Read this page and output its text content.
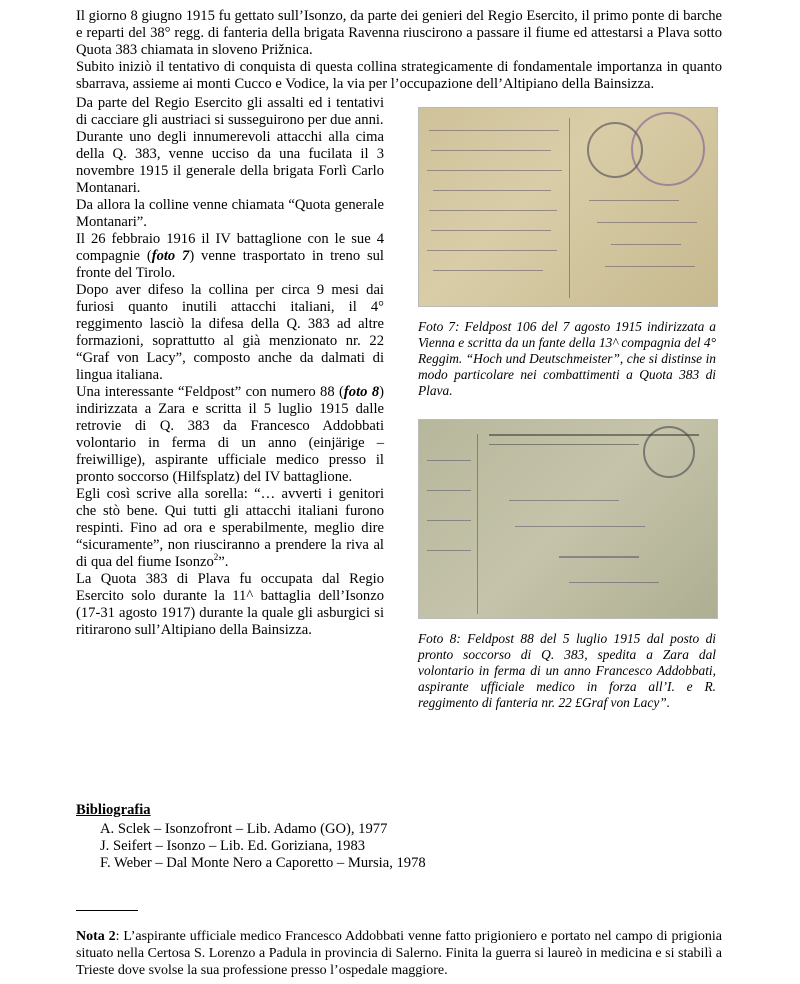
Il giorno 8 giugno 1915 fu gettato sull’Isonzo, da parte dei genieri del Regio Esercito, il primo ponte di barche e reparti del 38° regg. di fanteria della brigata Ravenna riuscirono a passare il fiume ed attestarsi a Plava sotto Quota 383 chiamata in sloveno Prižnica.

Subito iniziò il tentativo di conquista di questa collina strategicamente di fondamentale importanza in quanto sbarrava, assieme ai monti Cucco e Vodice, la via per l’occupazione dell’Altipiano della Bainsizza.

Da parte del Regio Esercito gli assalti ed i tentativi di cacciare gli austriaci si susseguirono per due anni.

Durante uno degli innumerevoli attacchi alla cima della Q. 383, venne ucciso da una fucilata il 3 novembre 1915 il generale della brigata Forlì Carlo Montanari.

Da allora la colline venne chiamata “Quota generale Montanari”.

Il 26 febbraio 1916 il IV battaglione con le sue 4 compagnie (foto 7) venne trasportato in treno sul fronte del Tirolo.

Dopo aver difeso la collina per circa 9 mesi dai furiosi quanto inutili attacchi italiani, il 4° reggimento lasciò la difesa della Q. 383 ad altre formazioni, soprattutto al già menzionato nr. 22 “Graf von Lacy”, composto anche da dalmati di lingua italiana.

Una interessante “Feldpost” con numero 88 (foto 8) indirizzata a Zara e scritta il 5 luglio 1915 dalle retrovie di Q. 383 da Francesco Addobbati volontario in ferma di un anno (einjärige – freiwillige), aspirante ufficiale medico presso il pronto soccorso (Hilfsplatz) del IV battaglione.

Egli così scrive alla sorella: “… avverti i genitori che stò bene. Qui tutti gli attacchi italiani furono respinti. Fino ad ora e sperabilmente, meglio dire “sicuramente”, non riusciranno a prendere la riva al di qua del fiume Isonzo$^2$”.

La Quota 383 di Plava fu occupata dal Regio Esercito solo durante la 11^ battaglia dell’Isonzo (17-31 agosto 1917) durante la quale gli asburgici si ritirarono sull’Altipiano della Bainsizza.

Foto 7: Feldpost 106 del 7 agosto 1915 indirizzata a Vienna e scritta da un fante della 13^ compagnia del 4° Reggim. “Hoch und Deutschmeister”, che si distinse in modo particolare nei combattimenti a Quota 383 di Plava.

Foto 8: Feldpost 88 del 5 luglio 1915 dal posto di pronto soccorso di Q. 383, spedita a Zara dal volontario in ferma di un anno Francesco Addobbati, aspirante ufficiale medico in forza all’I. e R. reggimento di fanteria nr. 22 £Graf von Lacy”.

Bibliografia
A. Sclek – Isonzofront – Lib. Adamo (GO), 1977
J. Seifert – Isonzo – Lib. Ed. Goriziana, 1983
F. Weber – Dal Monte Nero a Caporetto – Mursia, 1978

Nota 2: L’aspirante ufficiale medico Francesco Addobbati venne fatto prigioniero e portato nel campo di prigionia situato nella Certosa S. Lorenzo a Padula in provincia di Salerno. Finita la guerra si laureò in medicina e si stabilì a Trieste dove svolse la sua professione presso l’ospedale maggiore.
